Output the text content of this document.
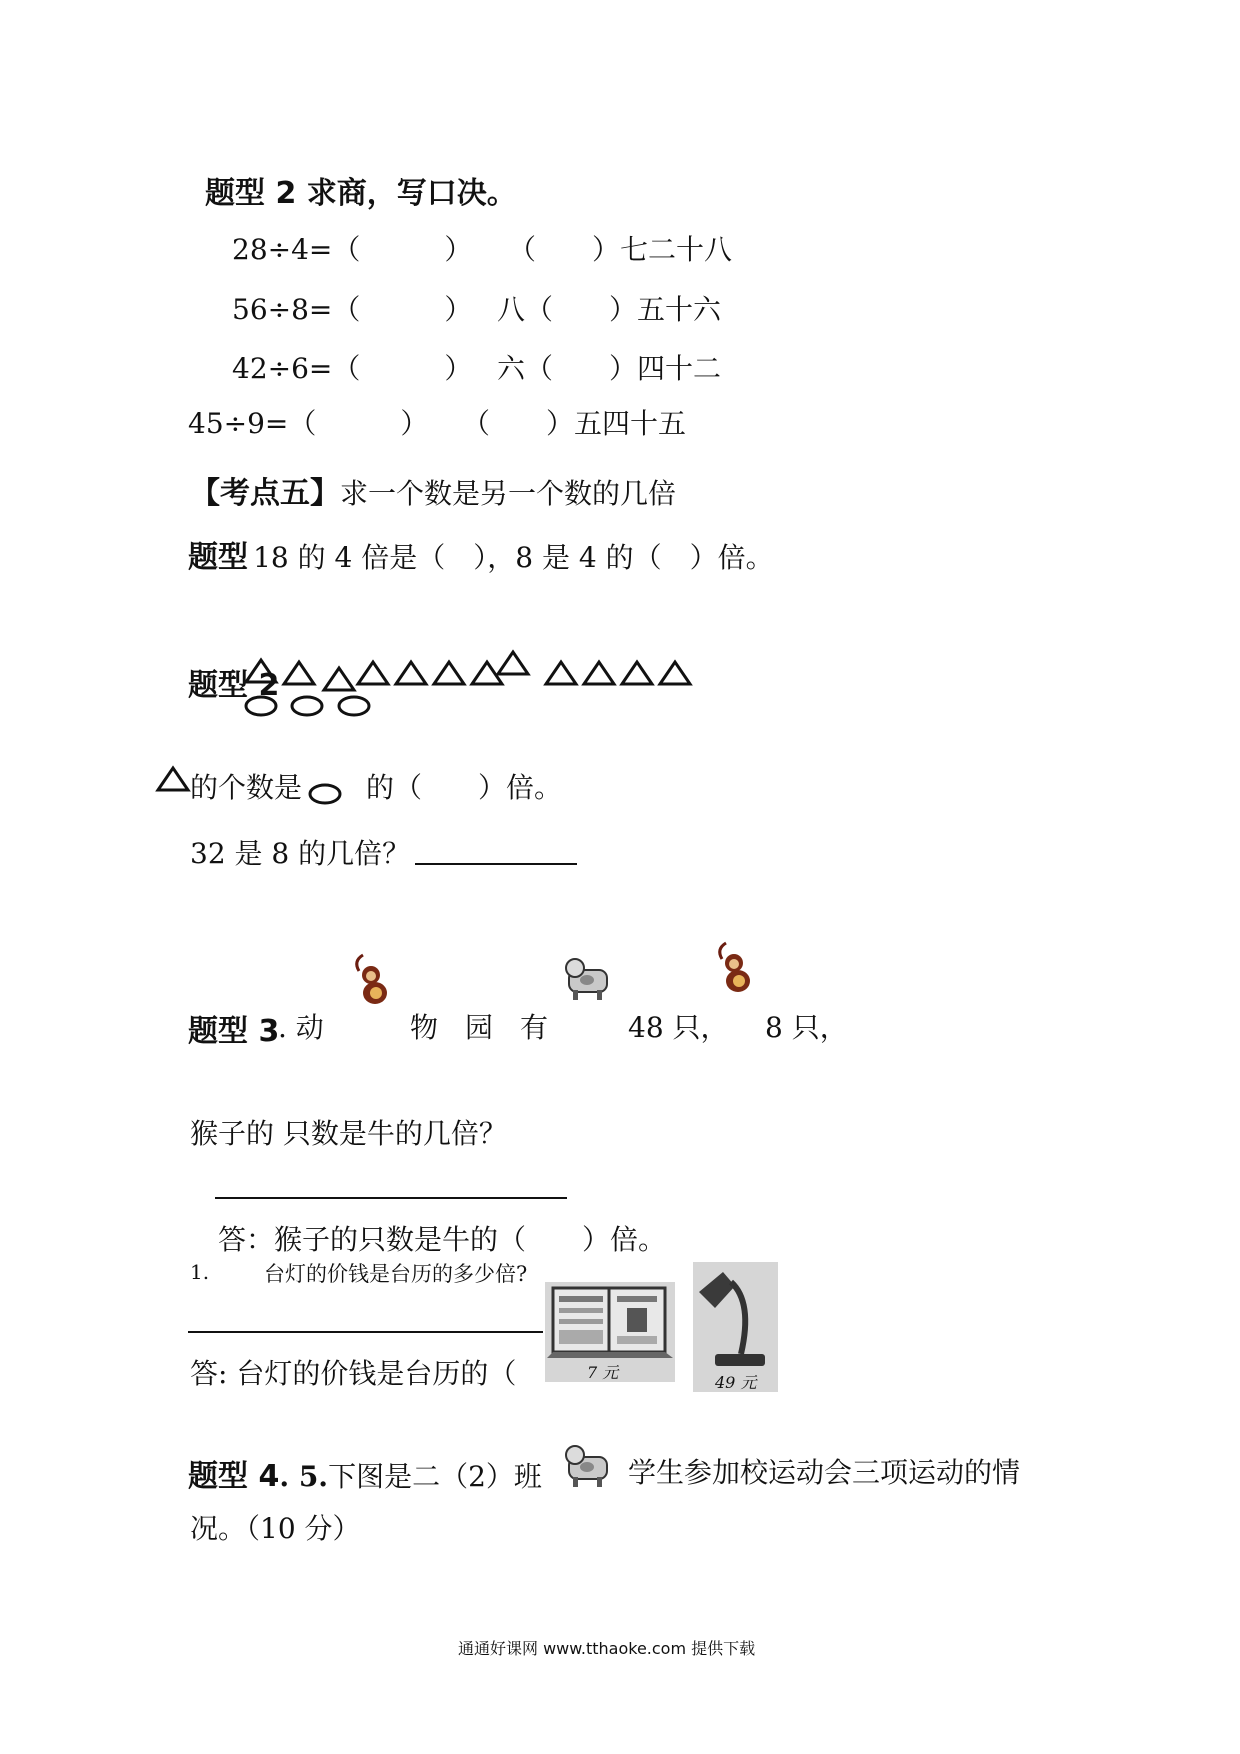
题型 2 求商，写口决。
28÷4=（　　　） （　　）七二十八
56÷8=（　　　） 八（　　）五十六
42÷6=（　　　） 六（　　）四十二
45÷9=（　　　） （　　）五四十五
【考点五】求一个数是另一个数的几倍
题型 18 的 4 倍是（　），8 是 4 的（　）倍。
题型 2
的个数是 的（　　）倍。
32 是 8 的几倍？
题型 3
. 动	物 园 有	48 只， 8 只，
猴子的 只数是牛的几倍？
答：猴子的只数是牛的（　　）倍。
1.	台灯的价钱是台历的多少倍?
答: 台灯的价钱是台历的（	7 元
49 元
题型 4. 5.下图是二（2）班	学生参加校运动会三项运动的情
况。（10 分）
通通好课网 www.tthaoke.com 提供下载
